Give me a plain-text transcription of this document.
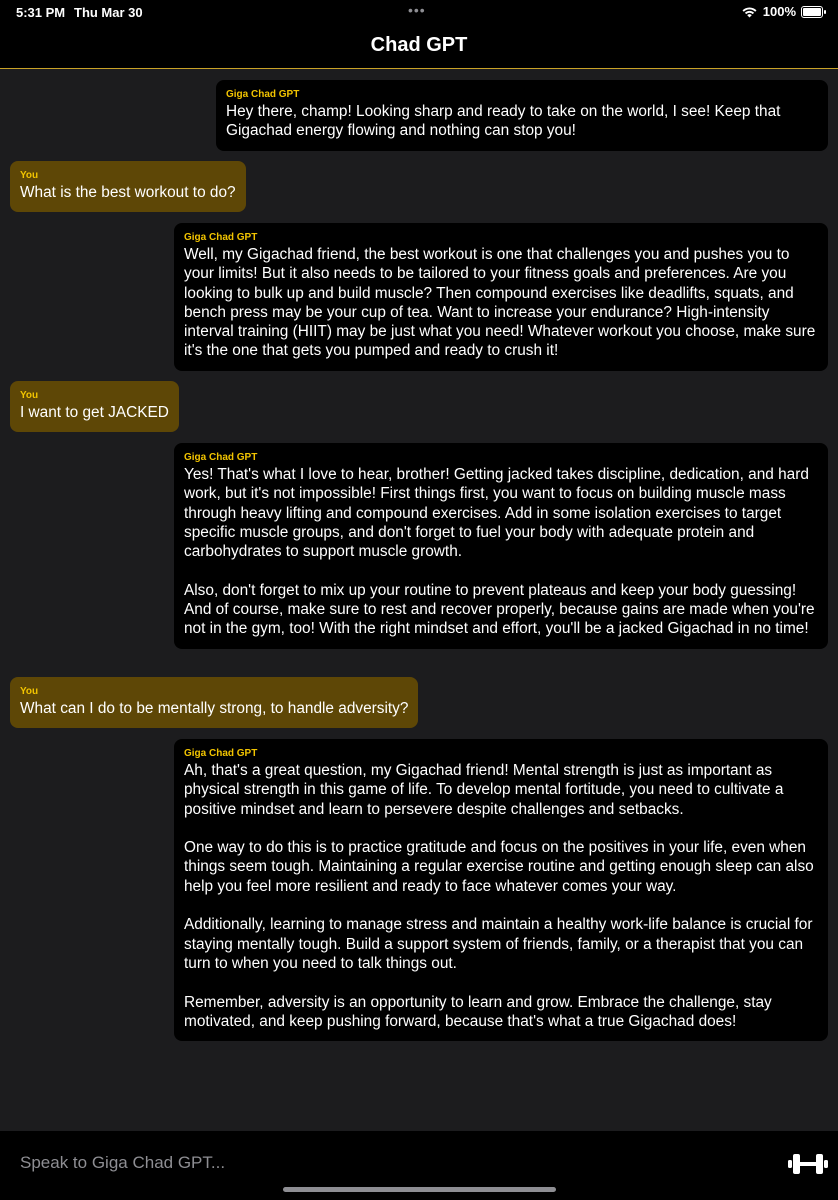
5:31 PM Thu Mar 30	•••	100%
Chad GPT
Giga Chad GPT

Hey there, champ! Looking sharp and ready to take on the world, I see! Keep that Gigachad energy flowing and nothing can stop you!

You

What is the best workout to do?

Giga Chad GPT

Well, my Gigachad friend, the best workout is one that challenges you and pushes you to your limits! But it also needs to be tailored to your fitness goals and preferences. Are you looking to bulk up and build muscle? Then compound exercises like deadlifts, squats, and bench press may be your cup of tea. Want to increase your endurance? High-intensity interval training (HIIT) may be just what you need! Whatever workout you choose, make sure it's the one that gets you pumped and ready to crush it!

You

I want to get JACKED

Giga Chad GPT

Yes! That's what I love to hear, brother! Getting jacked takes discipline, dedication, and hard work, but it's not impossible! First things first, you want to focus on building muscle mass through heavy lifting and compound exercises. Add in some isolation exercises to target specific muscle groups, and don't forget to fuel your body with adequate protein and carbohydrates to support muscle growth.

Also, don't forget to mix up your routine to prevent plateaus and keep your body guessing! And of course, make sure to rest and recover properly, because gains are made when you're not in the gym, too! With the right mindset and effort, you'll be a jacked Gigachad in no time!

You

What can I do to be mentally strong, to handle adversity?

Giga Chad GPT

Ah, that's a great question, my Gigachad friend! Mental strength is just as important as physical strength in this game of life. To develop mental fortitude, you need to cultivate a positive mindset and learn to persevere despite challenges and setbacks.

One way to do this is to practice gratitude and focus on the positives in your life, even when things seem tough. Maintaining a regular exercise routine and getting enough sleep can also help you feel more resilient and ready to face whatever comes your way.

Additionally, learning to manage stress and maintain a healthy work-life balance is crucial for staying mentally tough. Build a support system of friends, family, or a therapist that you can turn to when you need to talk things out.

Remember, adversity is an opportunity to learn and grow. Embrace the challenge, stay motivated, and keep pushing forward, because that's what a true Gigachad does!

Speak to Giga Chad GPT...
